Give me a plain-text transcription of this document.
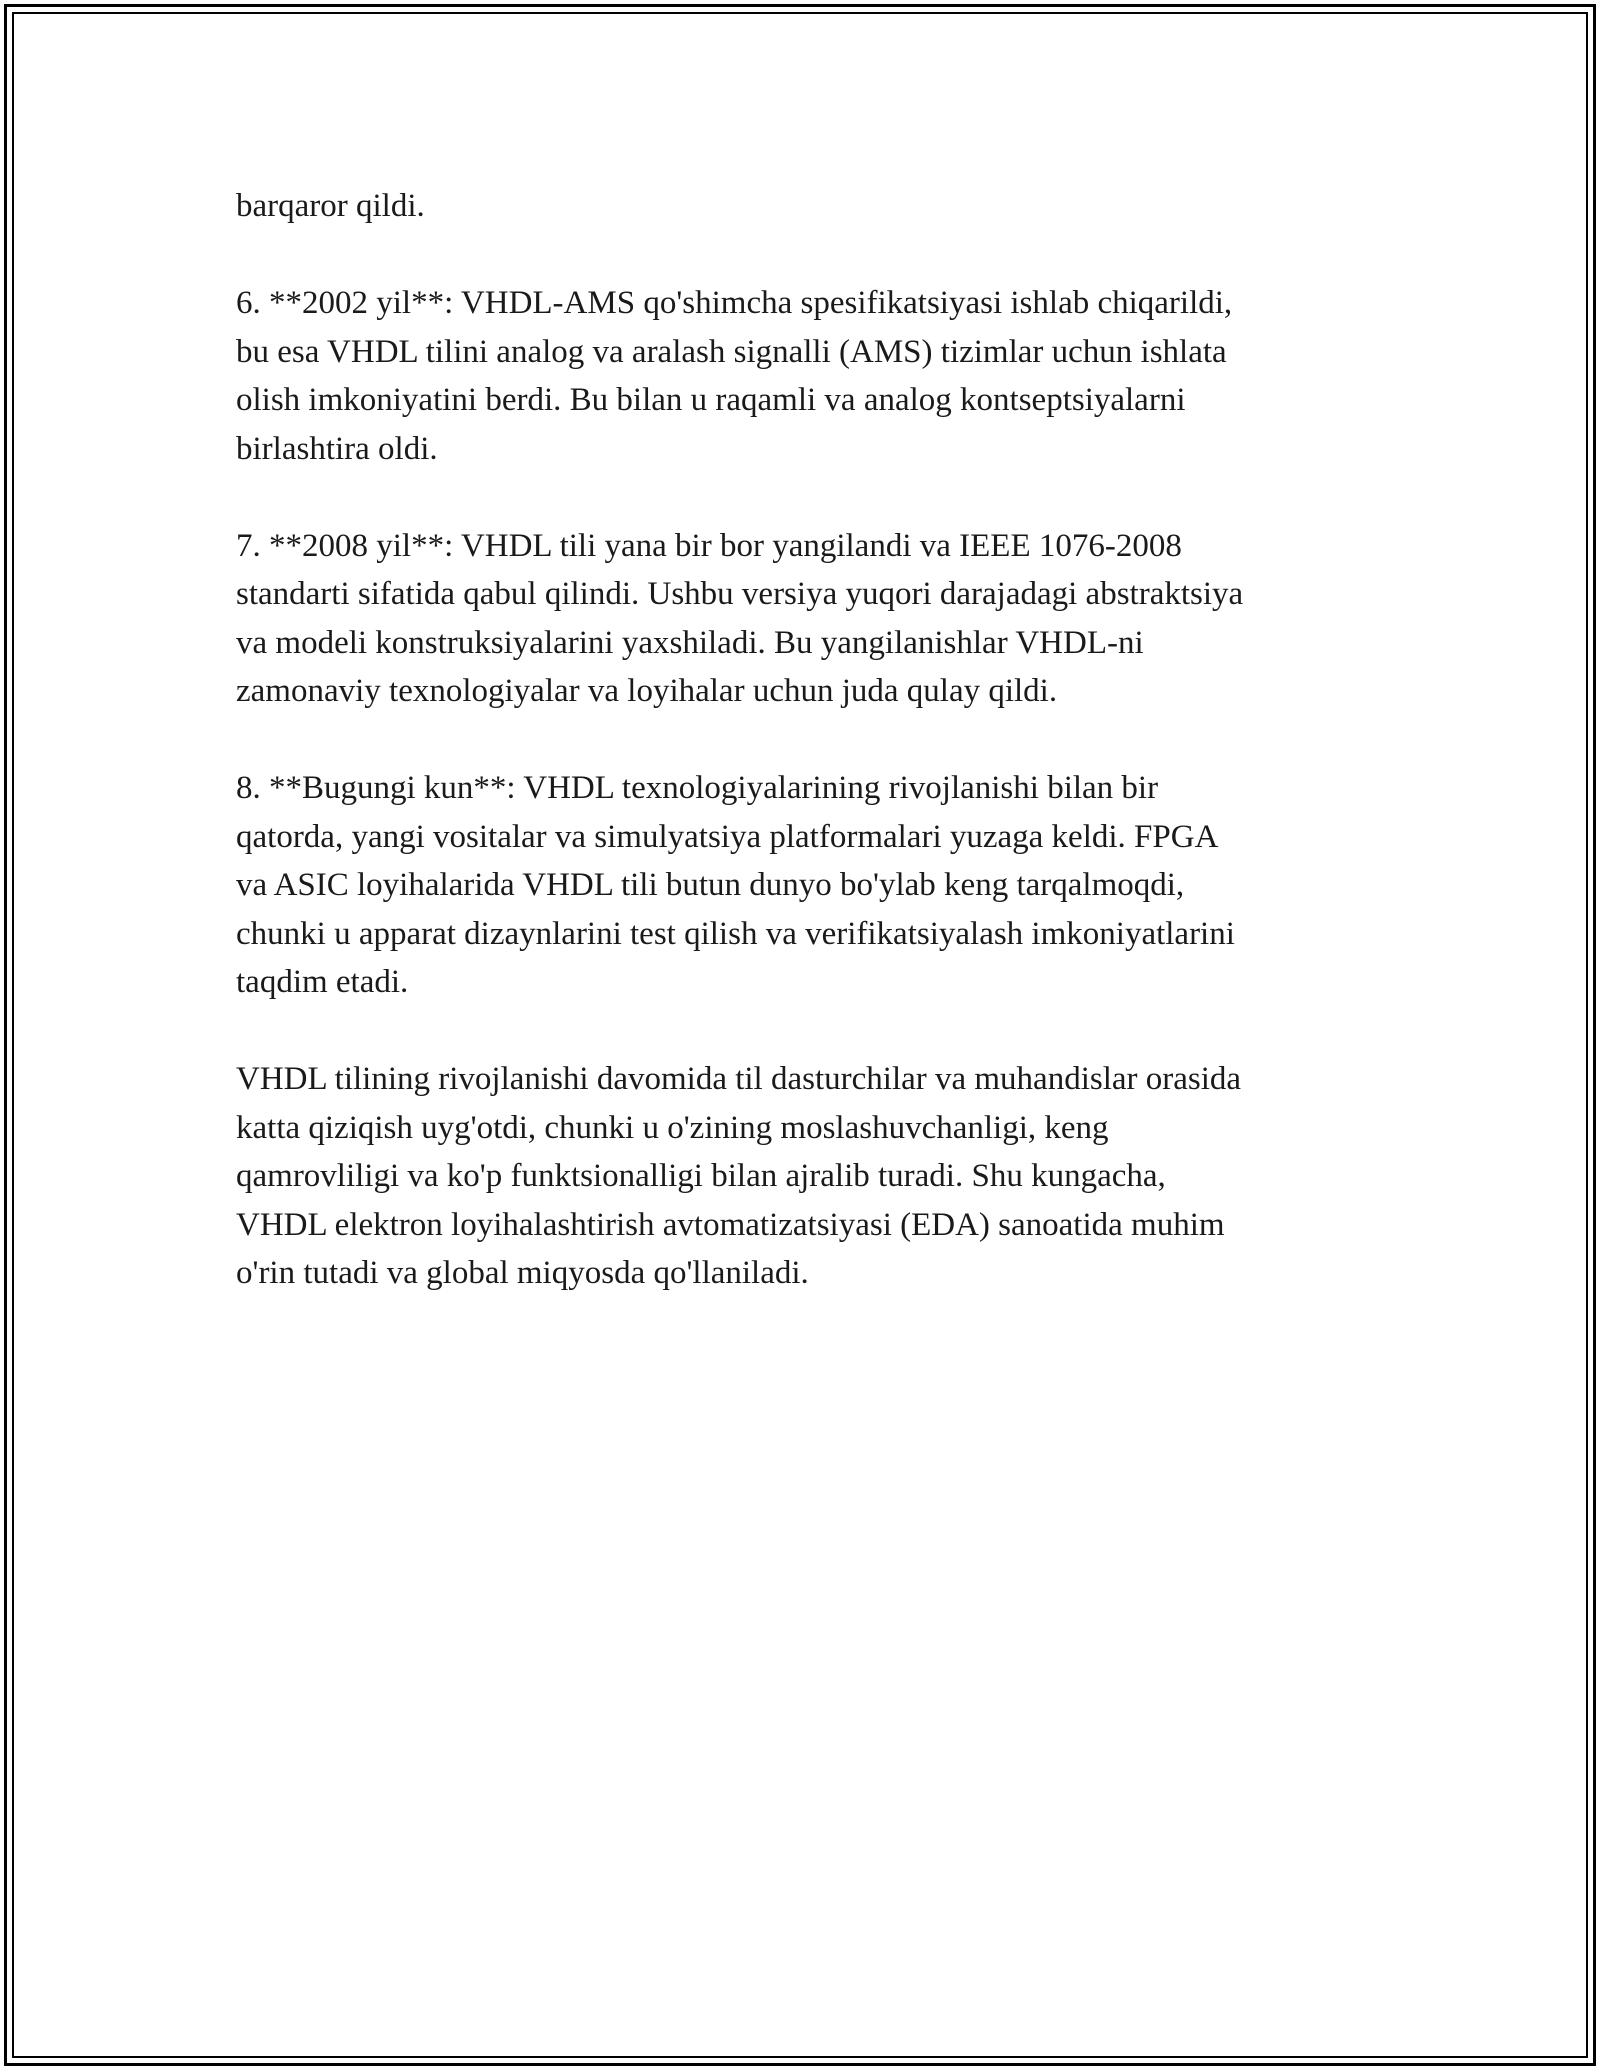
barqaror qildi.

6. **2002 yil**: VHDL-AMS qo'shimcha spesifikatsiyasi ishlab chiqarildi,
bu esa VHDL tilini analog va aralash signalli (AMS) tizimlar uchun ishlata
olish imkoniyatini berdi. Bu bilan u raqamli va analog kontseptsiyalarni
birlashtira oldi.

7. **2008 yil**: VHDL tili yana bir bor yangilandi va IEEE 1076-2008
standarti sifatida qabul qilindi. Ushbu versiya yuqori darajadagi abstraktsiya
va modeli konstruksiyalarini yaxshiladi. Bu yangilanishlar VHDL-ni
zamonaviy texnologiyalar va loyihalar uchun juda qulay qildi.

8. **Bugungi kun**: VHDL texnologiyalarining rivojlanishi bilan bir
qatorda, yangi vositalar va simulyatsiya platformalari yuzaga keldi. FPGA
va ASIC loyihalarida VHDL tili butun dunyo bo'ylab keng tarqalmoqdi,
chunki u apparat dizaynlarini test qilish va verifikatsiyalash imkoniyatlarini
taqdim etadi.

VHDL tilining rivojlanishi davomida til dasturchilar va muhandislar orasida
katta qiziqish uyg'otdi, chunki u o'zining moslashuvchanligi, keng
qamrovliligi va ko'p funktsionalligi bilan ajralib turadi. Shu kungacha,
VHDL elektron loyihalashtirish avtomatizatsiyasi (EDA) sanoatida muhim
o'rin tutadi va global miqyosda qo'llaniladi.
